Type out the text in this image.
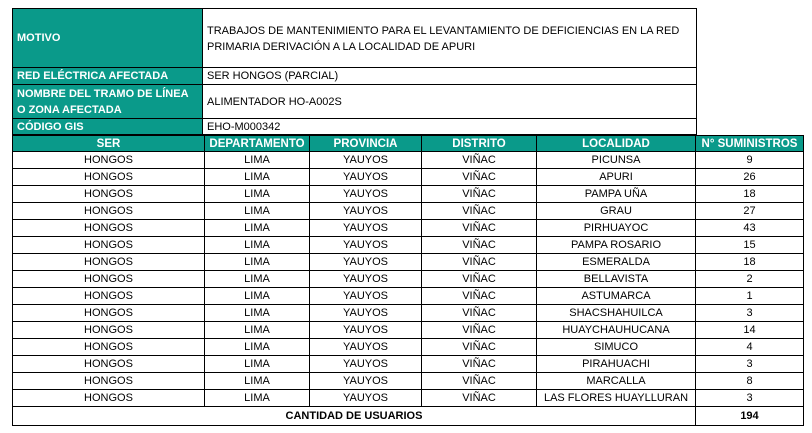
MOTIVO	TRABAJOS DE MANTENIMIENTO PARA EL LEVANTAMIENTO DE DEFICIENCIAS EN LA RED PRIMARIA DERIVACIÓN A LA LOCALIDAD DE APURI
RED ELÉCTRICA AFECTADA	SER HONGOS (PARCIAL)

NOMBRE DEL TRAMO DE LÍNEA
O ZONA AFECTADA	ALIMENTADOR HO-A002S
CÓDIGO GIS	EHO-M000342
SER	DEPARTAMENTO	PROVINCIA	DISTRITO	LOCALIDAD	N° SUMINISTROS
HONGOS	LIMA	YAUYOS	VIÑAC	PICUNSA	9
HONGOS	LIMA	YAUYOS	VIÑAC	APURI	26
HONGOS	LIMA	YAUYOS	VIÑAC	PAMPA UÑA	18
HONGOS	LIMA	YAUYOS	VIÑAC	GRAU	27
HONGOS	LIMA	YAUYOS	VIÑAC	PIRHUAYOC	43
HONGOS	LIMA	YAUYOS	VIÑAC	PAMPA ROSARIO	15
HONGOS	LIMA	YAUYOS	VIÑAC	ESMERALDA	18
HONGOS	LIMA	YAUYOS	VIÑAC	BELLAVISTA	2
HONGOS	LIMA	YAUYOS	VIÑAC	ASTUMARCA	1
HONGOS	LIMA	YAUYOS	VIÑAC	SHACSHAHUILCA	3
HONGOS	LIMA	YAUYOS	VIÑAC	HUAYCHAUHUCANA	14
HONGOS	LIMA	YAUYOS	VIÑAC	SIMUCO	4
HONGOS	LIMA	YAUYOS	VIÑAC	PIRAHUACHI	3
HONGOS	LIMA	YAUYOS	VIÑAC	MARCALLA	8
HONGOS	LIMA	YAUYOS	VIÑAC	LAS FLORES HUAYLLURAN	3
CANTIDAD DE USUARIOS					194
